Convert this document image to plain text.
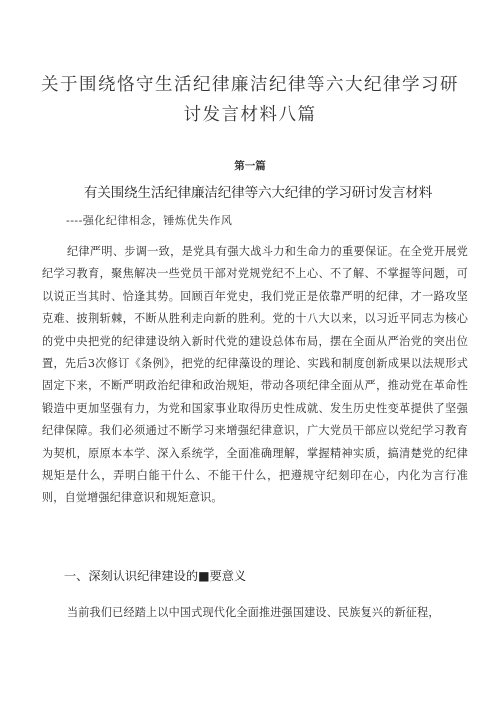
关于围绕恪守生活纪律廉洁纪律等六大纪律学习研讨发言材料八篇
第一篇
有关围绕生活纪律廉洁纪律等六大纪律的学习研讨发言材料
----强化纪律相念，锤炼优失作风

纪律严明、步调一致，是党具有强大战斗力和生命力的重要保证。在全党开展党纪学习教育，聚焦解决一些党员干部对党规党纪不上心、不了解、不掌握等问题，可以说正当其时、恰逢其势。回顾百年党史，我们党正是依靠严明的纪律，才一路攻坚克难、披荆斩棘，不断从胜利走向新的胜利。党的十八大以来，以习近平同志为核心的党中央把党的纪律建设纳入新时代党的建设总体布局，摆在全面从严治党的突出位置，先后3次修订《条例》，把党的纪律藻设的理论、实践和制度创新成果以法规形式固定下来，不断严明政治纪律和政治规矩，带动各项纪律全面从严，推动党在革命性锻造中更加坚强有力，为党和国家事业取得历史性成就、发生历史性变革提供了坚强纪律保障。我们必须通过不断学习来增强纪律意识，广大党员干部应以党纪学习教育为契机，原原本本学、深入系统学，全面准确理解，掌握精神实质，搞清楚党的纪律规矩是什么，弄明白能干什么、不能干什么，把遵规守纪刻印在心，内化为言行准则，自觉增强纪律意识和规矩意识。

一、深刻认识纪律建设的■要意义

当前我们已经踏上以中国式现代化全面推进强国建设、民族复兴的新征程，
